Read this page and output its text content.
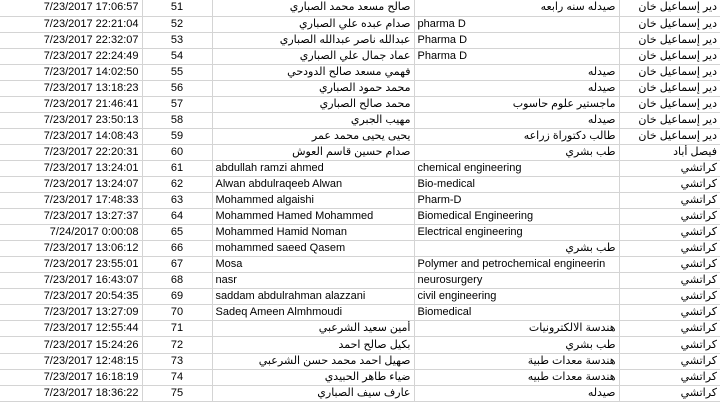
7/23/2017 17:06:57	51	صالح مسعد محمد الصباري	صيدله سنه رابعه	دير إسماعيل خان
7/23/2017 22:21:04	52	صدام عبده علي الصباري	pharma D	دير إسماعيل خان
7/23/2017 22:32:07	53	عبدالله ناصر عبدالله الصباري	Pharma D	دير إسماعيل خان
7/23/2017 22:24:49	54	عماد جمال علي الصباري	Pharma D	دير إسماعيل خان
7/23/2017 14:02:50	55	فهمي مسعد صالح الدودحي	صيدله	دير إسماعيل خان
7/23/2017 13:18:23	56	محمد حمود الصباري	صيدله	دير إسماعيل خان
7/23/2017 21:46:41	57	محمد صالح الصباري	ماجستير علوم حاسوب	دير إسماعيل خان
7/23/2017 23:50:13	58	مهيب الجبري	صيدله	دير إسماعيل خان
7/23/2017 14:08:43	59	يحيى يحيى محمد عمر	طالب دكتوراة زراعه	دير إسماعيل خان
7/23/2017 22:20:31	60	صدام حسين قاسم العوش	طب بشري	فيصل أباد
7/23/2017 13:24:01	61	abdullah ramzi ahmed	chemical engineering	كراتشي
7/23/2017 13:24:07	62	Alwan abdulraqeeb Alwan	Bio-medical	كراتشي
7/23/2017 17:48:33	63	Mohammed algaishi	Pharm-D	كراتشي
7/23/2017 13:27:37	64	Mohammed Hamed Mohammed	Biomedical Engineering	كراتشي
7/24/2017 0:00:08	65	Mohammed Hamid Noman	Electrical engineering	كراتشي
7/23/2017 13:06:12	66	mohammed saeed Qasem	طب بشري	كراتشي
7/23/2017 23:55:01	67	Mosa	Polymer and petrochemical engineerin	كراتشي
7/23/2017 16:43:07	68	nasr	neurosurgery	كراتشي
7/23/2017 20:54:35	69	saddam abdulrahman alazzani	civil engineering	كراتشي
7/23/2017 13:27:09	70	Sadeq Ameen Almhmoudi	Biomedical	كراتشي
7/23/2017 12:55:44	71	أمين سعيد الشرعبي	هندسة الالكترونيات	كراتشي
7/23/2017 15:24:26	72	بكيل صالح احمد	طب بشري	كراتشي
7/23/2017 12:48:15	73	صهيل احمد محمد حسن الشرعبي	هندسة معدات طبية	كراتشي
7/23/2017 16:18:19	74	ضياء طاهر الحبيدي	هندسة معدات طبيه	كراتشي
7/23/2017 18:36:22	75	عارف سيف الصباري	صيدله	كراتشي
